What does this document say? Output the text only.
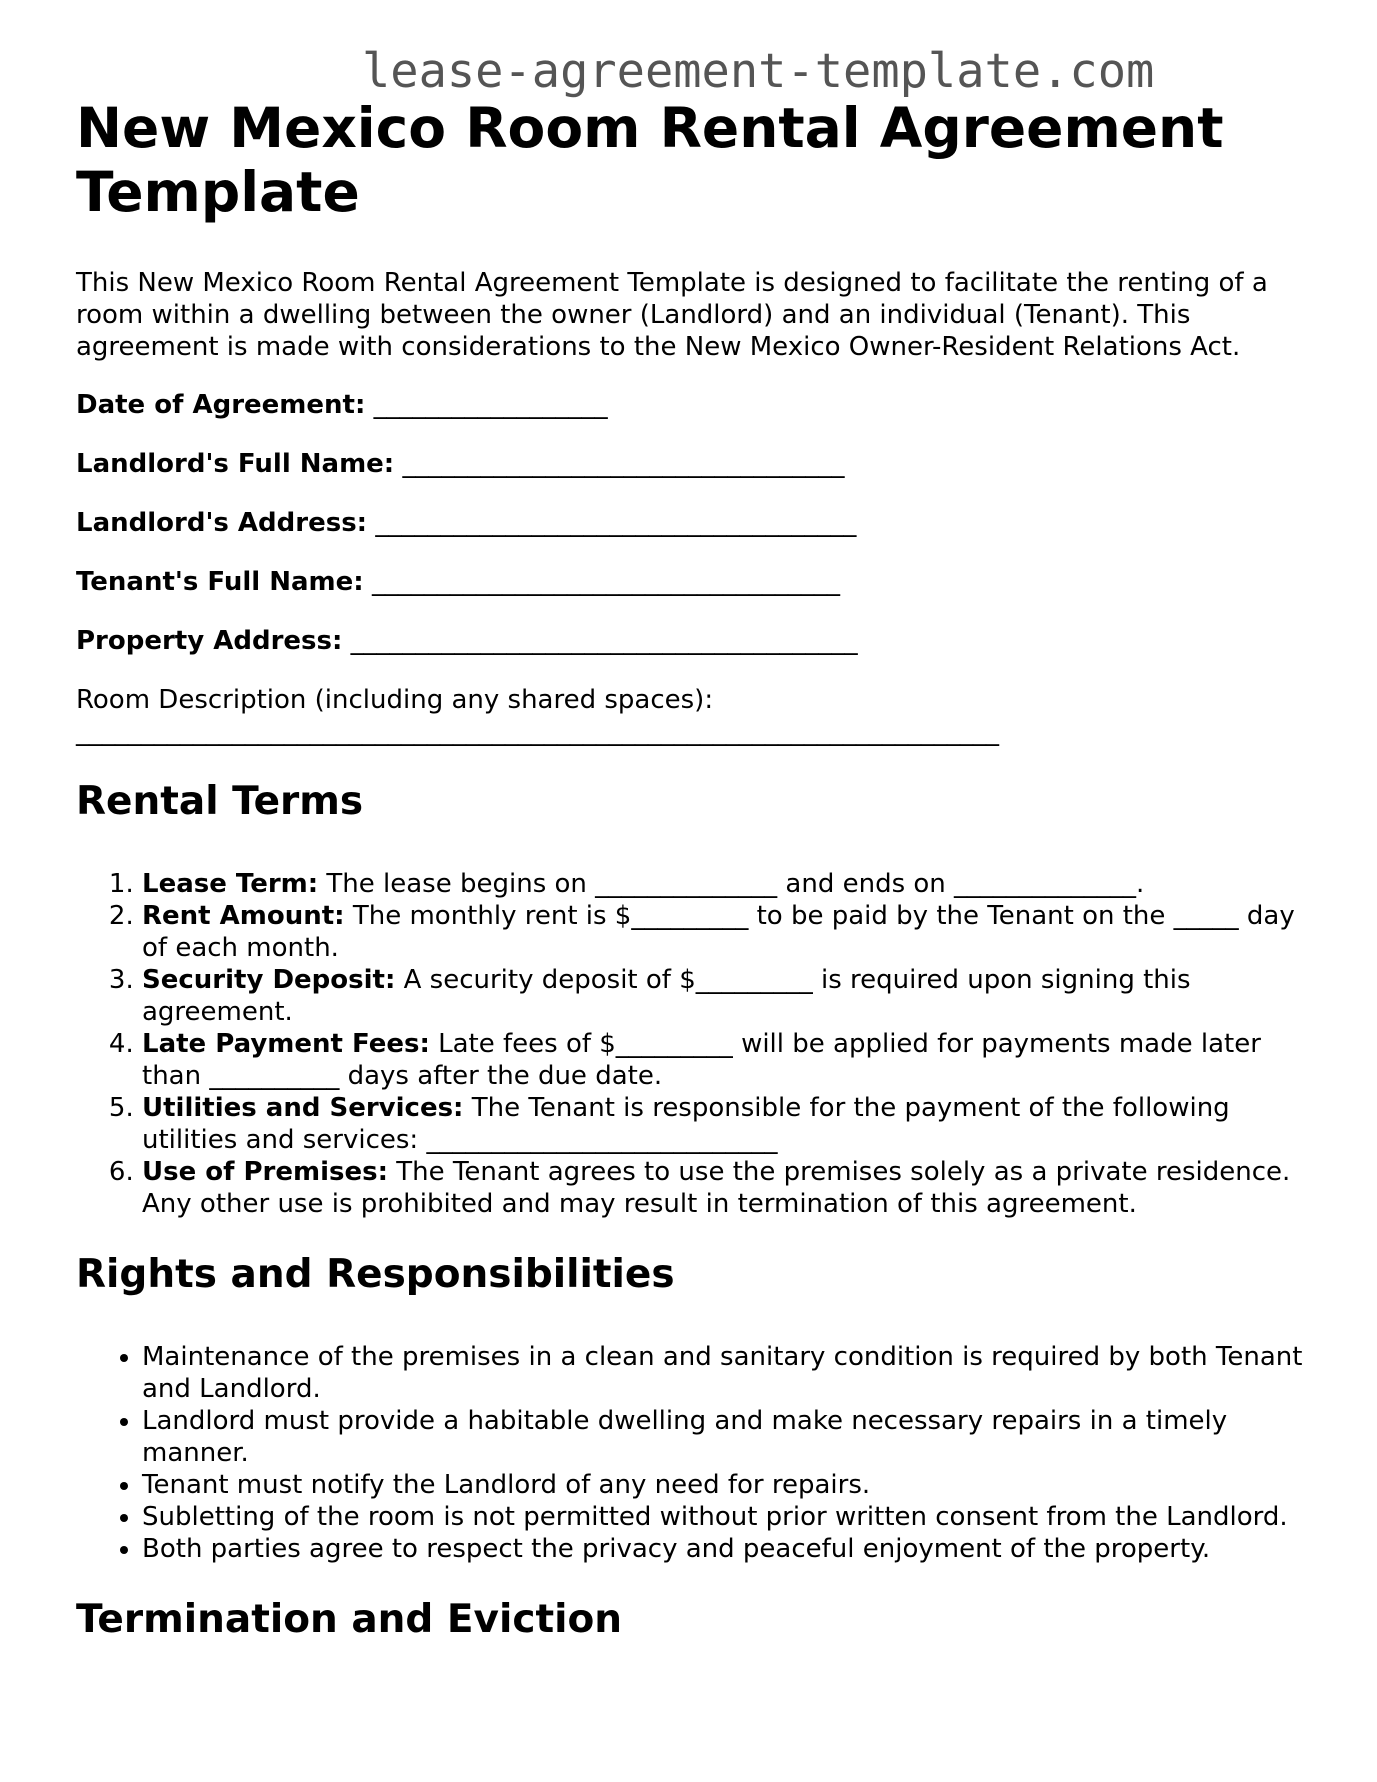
lease-agreement-template.com
New Mexico Room Rental Agreement Template

This New Mexico Room Rental Agreement Template is designed to facilitate the renting of a room within a dwelling between the owner (Landlord) and an individual (Tenant). This agreement is made with considerations to the New Mexico Owner-Resident Relations Act.

Date of Agreement: __________________
Landlord's Full Name: __________________________________
Landlord's Address: _____________________________________
Tenant's Full Name: ____________________________________
Property Address: _______________________________________
Room Description (including any shared spaces):
_______________________________________________________________________
Rental Terms
1. Lease Term: The lease begins on ______________ and ends on ______________.
2. Rent Amount: The monthly rent is $_________ to be paid by the Tenant on the _____ day of each month.
3. Security Deposit: A security deposit of $_________ is required upon signing this agreement.
4. Late Payment Fees: Late fees of $_________ will be applied for payments made later than __________ days after the due date.
5. Utilities and Services: The Tenant is responsible for the payment of the following utilities and services: ___________________________
6. Use of Premises: The Tenant agrees to use the premises solely as a private residence. Any other use is prohibited and may result in termination of this agreement.
Rights and Responsibilities
• Maintenance of the premises in a clean and sanitary condition is required by both Tenant and Landlord.
• Landlord must provide a habitable dwelling and make necessary repairs in a timely manner.
• Tenant must notify the Landlord of any need for repairs.
• Subletting of the room is not permitted without prior written consent from the Landlord.
• Both parties agree to respect the privacy and peaceful enjoyment of the property.
Termination and Eviction
